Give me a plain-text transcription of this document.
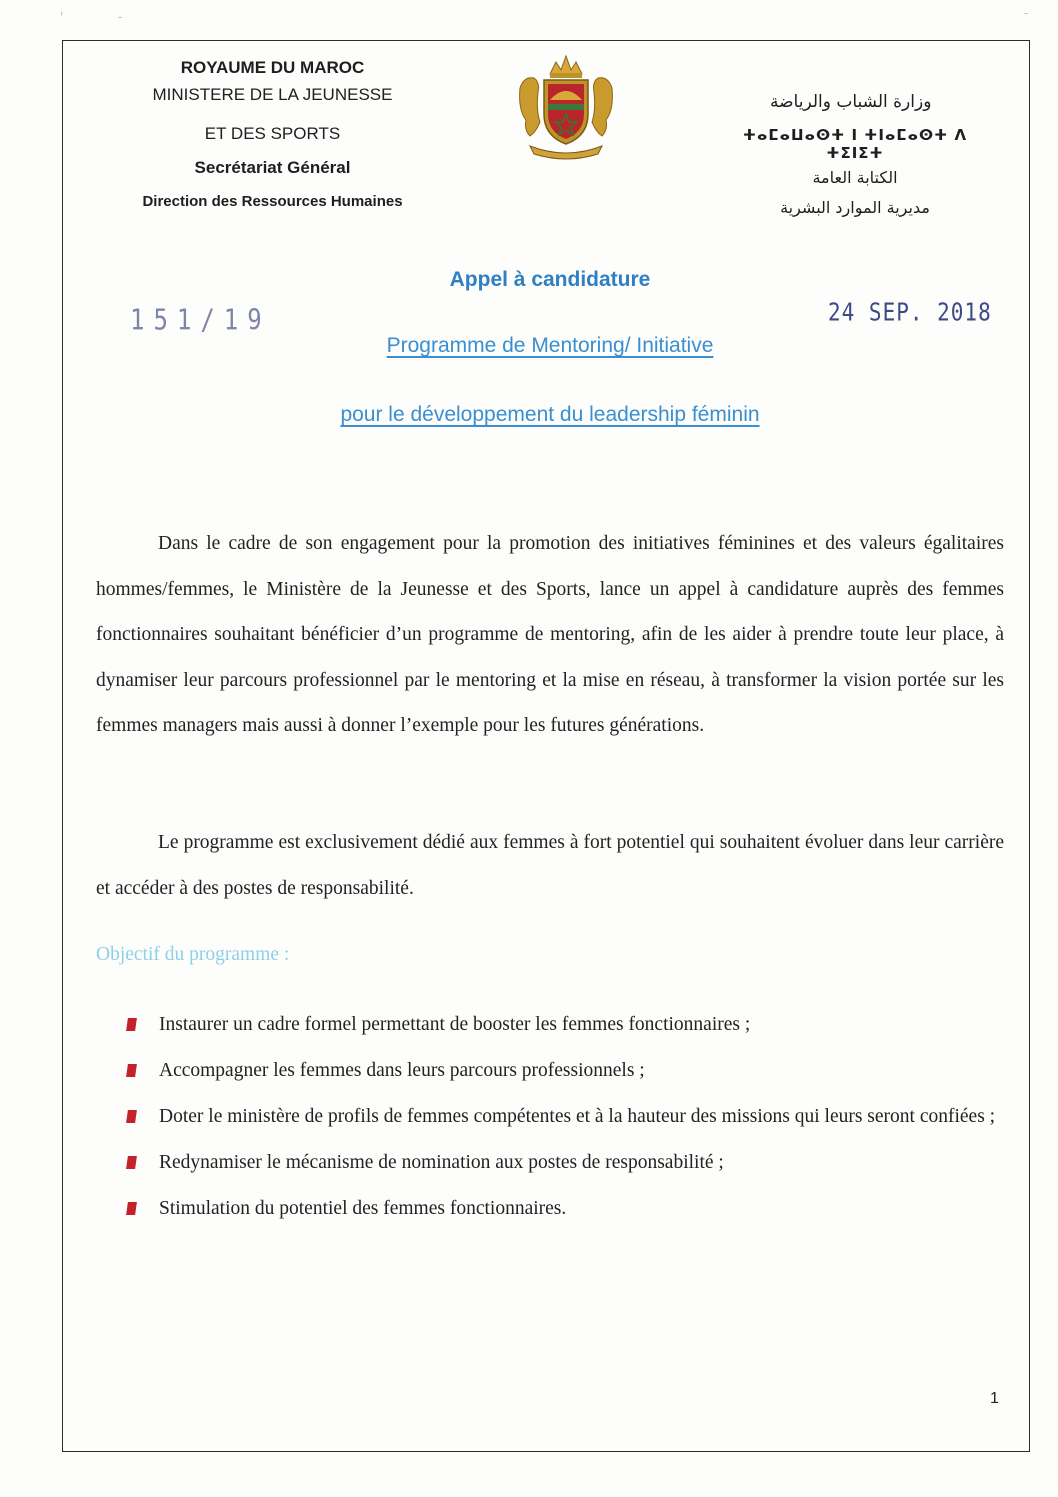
'	-	-
ROYAUME DU MAROC
MINISTERE DE LA JEUNESSE
ET DES SPORTS
Secrétariat Général
Direction des Ressources Humaines
وزارة الشباب والرياضة
ⵜⴰⵎⴰⵡⴰⵙⵜ ⵏ ⵜⵏⴰⵎⴰⵙⵜ ⴷ ⵜⵉⵏⵉⵜ
الكتابة العامة
مديرية الموارد البشرية
151/19	24 SEP. 2018
Appel à candidature
Programme de Mentoring/ Initiative
pour le développement du leadership féminin

Dans le cadre de son engagement pour la promotion des initiatives féminines et des valeurs égalitaires hommes/femmes, le Ministère de la Jeunesse et des Sports, lance un appel à candidature auprès des femmes fonctionnaires souhaitant bénéficier d’un programme de mentoring, afin de les aider à prendre toute leur place, à dynamiser leur parcours professionnel par le mentoring et la mise en réseau, à transformer la vision portée sur les femmes managers mais aussi à donner l’exemple pour les futures générations.

Le programme est exclusivement dédié aux femmes à fort potentiel qui souhaitent évoluer dans leur carrière et accéder à des postes de responsabilité.

Objectif du programme :
Instaurer un cadre formel permettant de booster les femmes fonctionnaires ;
Accompagner les femmes dans leurs parcours professionnels ;
Doter le ministère de profils de femmes compétentes et à la hauteur des missions qui leurs seront confiées ;
Redynamiser le mécanisme de nomination aux postes de responsabilité ;
Stimulation du potentiel des femmes fonctionnaires.
1
